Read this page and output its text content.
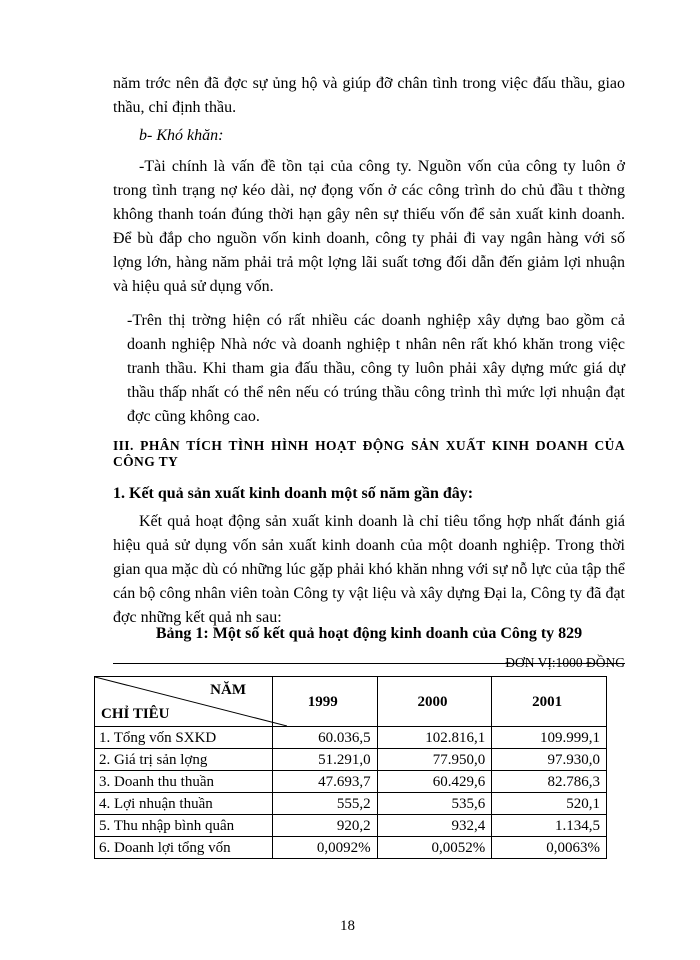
năm trớc nên đã đợc sự ủng hộ và giúp đỡ chân tình trong việc đấu thầu, giao thầu, chỉ định thầu.

b- Khó khăn:

-Tài chính là vấn đề tồn tại của công ty. Nguồn vốn của công ty luôn ở trong tình trạng nợ kéo dài, nợ đọng vốn ở các công trình do chủ đầu t thờng không thanh toán đúng thời hạn gây nên sự thiếu vốn để sản xuất kinh doanh. Để bù đắp cho nguồn vốn kinh doanh, công ty phải đi vay ngân hàng với số lợng lớn, hàng năm phải trả một lợng lãi suất tơng đối dẫn đến giảm lợi nhuận và hiệu quả sử dụng vốn.

-Trên thị trờng hiện có rất nhiều các doanh nghiệp xây dựng bao gồm cả doanh nghiệp Nhà nớc và doanh nghiệp t nhân nên rất khó khăn trong việc tranh thầu. Khi tham gia đấu thầu, công ty luôn phải xây dựng mức giá dự thầu thấp nhất có thể nên nếu có trúng thầu công trình thì mức lợi nhuận đạt đợc cũng không cao.

III. PHÂN TÍCH TÌNH HÌNH HOẠT ĐỘNG SẢN XUẤT KINH DOANH CỦA CÔNG TY

1. Kết quả sản xuất kinh doanh một số năm gần đây:

Kết quả hoạt động sản xuất kinh doanh là chỉ tiêu tổng hợp nhất đánh giá hiệu quả sử dụng vốn sản xuất kinh doanh của một doanh nghiệp. Trong thời gian qua mặc dù có những lúc gặp phải khó khăn nhng với sự nỗ lực của tập thể cán bộ công nhân viên toàn Công ty vật liệu và xây dựng Đại la, Công ty đã đạt đợc những kết quả nh sau:

Bảng 1: Một số kết quả hoạt động kinh doanh của Công ty 829

ĐƠN VỊ:1000 ĐỒNG
NĂM
CHỈ TIÊU	1999	2000	2001
1. Tổng vốn SXKD	60.036,5	102.816,1	109.999,1
2. Giá trị sản lợng	51.291,0	77.950,0	97.930,0
3. Doanh thu thuần	47.693,7	60.429,6	82.786,3
4. Lợi nhuận thuần	555,2	535,6	520,1
5. Thu nhập bình quân	920,2	932,4	1.134,5
6. Doanh lợi tổng vốn	0,0092%	0,0052%	0,0063%
18
